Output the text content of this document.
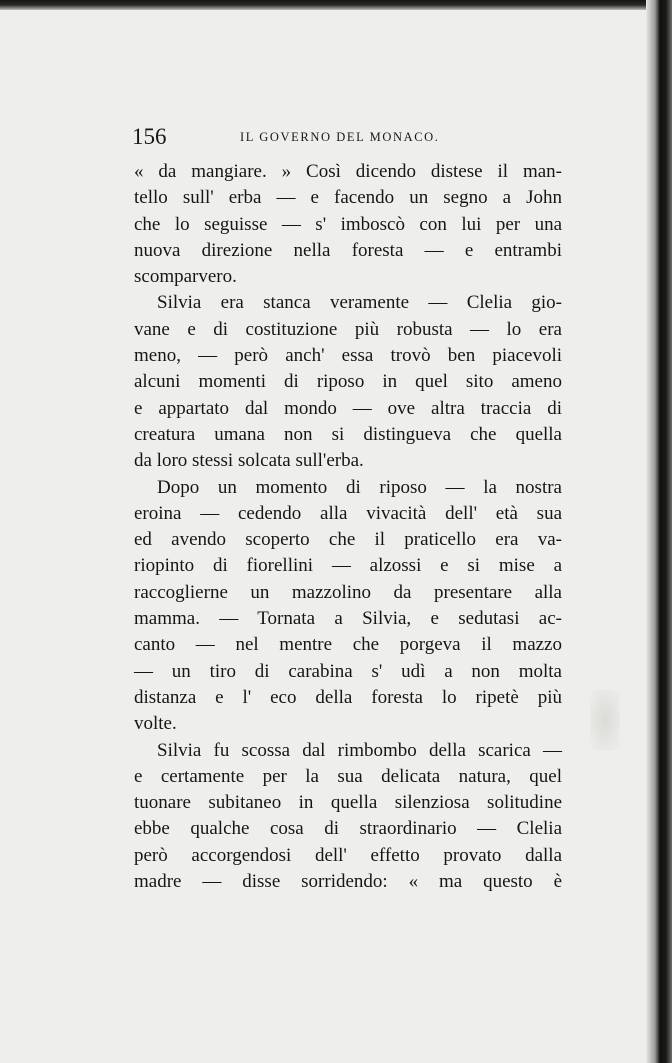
156	IL GOVERNO DEL MONACO.
« da mangiare. » Così dicendo distese il man-
tello sull' erba — e facendo un segno a John
che lo seguisse — s' imboscò con lui per una
nuova direzione nella foresta — e entrambi
scomparvero.
Silvia era stanca veramente — Clelia gio-
vane e di costituzione più robusta — lo era
meno, — però anch' essa trovò ben piacevoli
alcuni momenti di riposo in quel sito ameno
e appartato dal mondo — ove altra traccia di
creatura umana non si distingueva che quella
da loro stessi solcata sull'erba.
Dopo un momento di riposo — la nostra
eroina — cedendo alla vivacità dell' età sua
ed avendo scoperto che il praticello era va-
riopinto di fiorellini — alzossi e si mise a
raccoglierne un mazzolino da presentare alla
mamma. — Tornata a Silvia, e sedutasi ac-
canto — nel mentre che porgeva il mazzo
— un tiro di carabina s' udì a non molta
distanza e l' eco della foresta lo ripetè più
volte.
Silvia fu scossa dal rimbombo della scarica —
e certamente per la sua delicata natura, quel
tuonare subitaneo in quella silenziosa solitudine
ebbe qualche cosa di straordinario — Clelia
però accorgendosi dell' effetto provato dalla
madre — disse sorridendo: « ma questo è
